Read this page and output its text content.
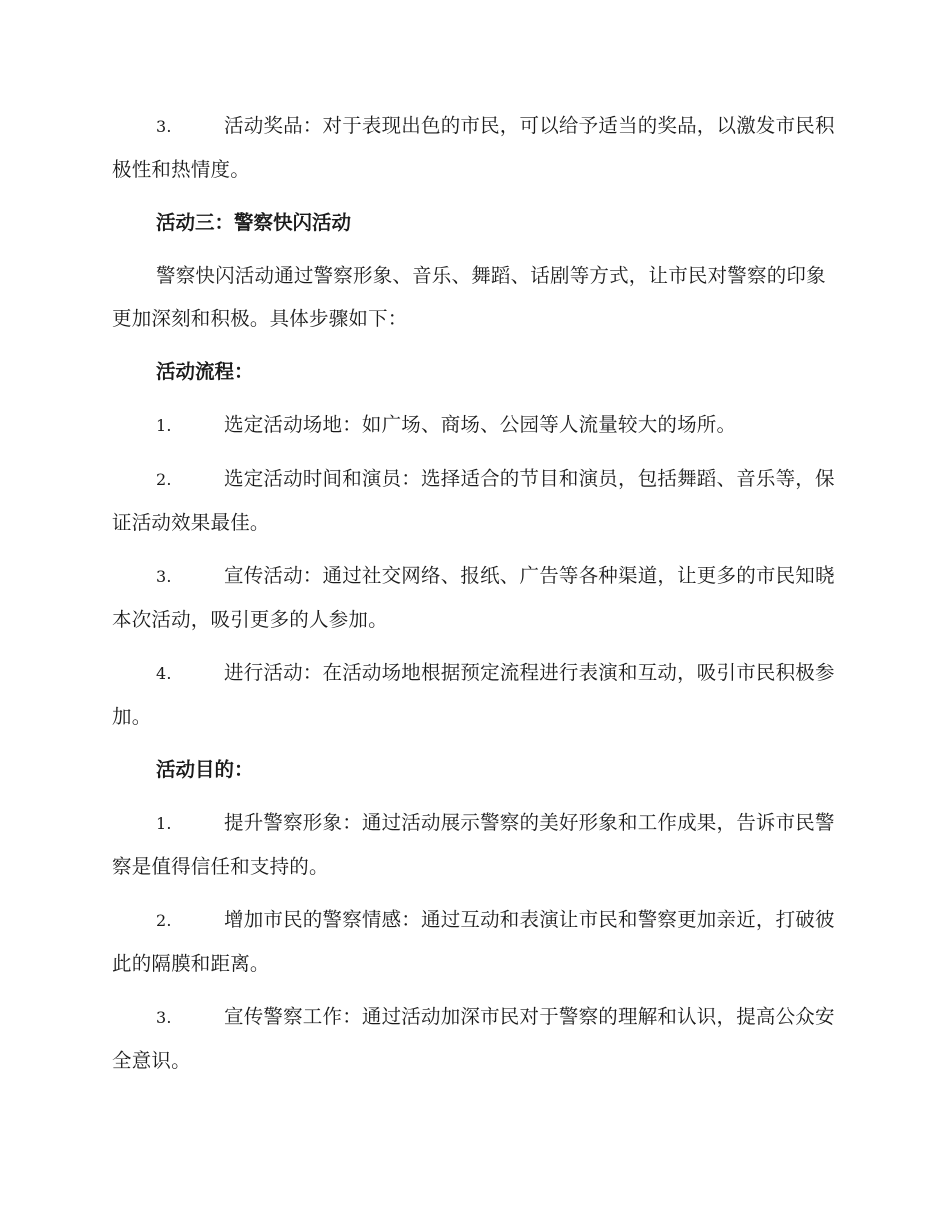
3.	活动奖品：对于表现出色的市民，可以给予适当的奖品，以激发市民积极性和热情度。

活动三：警察快闪活动

警察快闪活动通过警察形象、音乐、舞蹈、话剧等方式，让市民对警察的印象更加深刻和积极。具体步骤如下：

活动流程：

1.	选定活动场地：如广场、商场、公园等人流量较大的场所。

2.	选定活动时间和演员：选择适合的节目和演员，包括舞蹈、音乐等，保证活动效果最佳。

3.	宣传活动：通过社交网络、报纸、广告等各种渠道，让更多的市民知晓本次活动，吸引更多的人参加。

4.	进行活动：在活动场地根据预定流程进行表演和互动，吸引市民积极参加。

活动目的：

1.	提升警察形象：通过活动展示警察的美好形象和工作成果，告诉市民警察是值得信任和支持的。

2.	增加市民的警察情感：通过互动和表演让市民和警察更加亲近，打破彼此的隔膜和距离。

3.	宣传警察工作：通过活动加深市民对于警察的理解和认识，提高公众安全意识。
